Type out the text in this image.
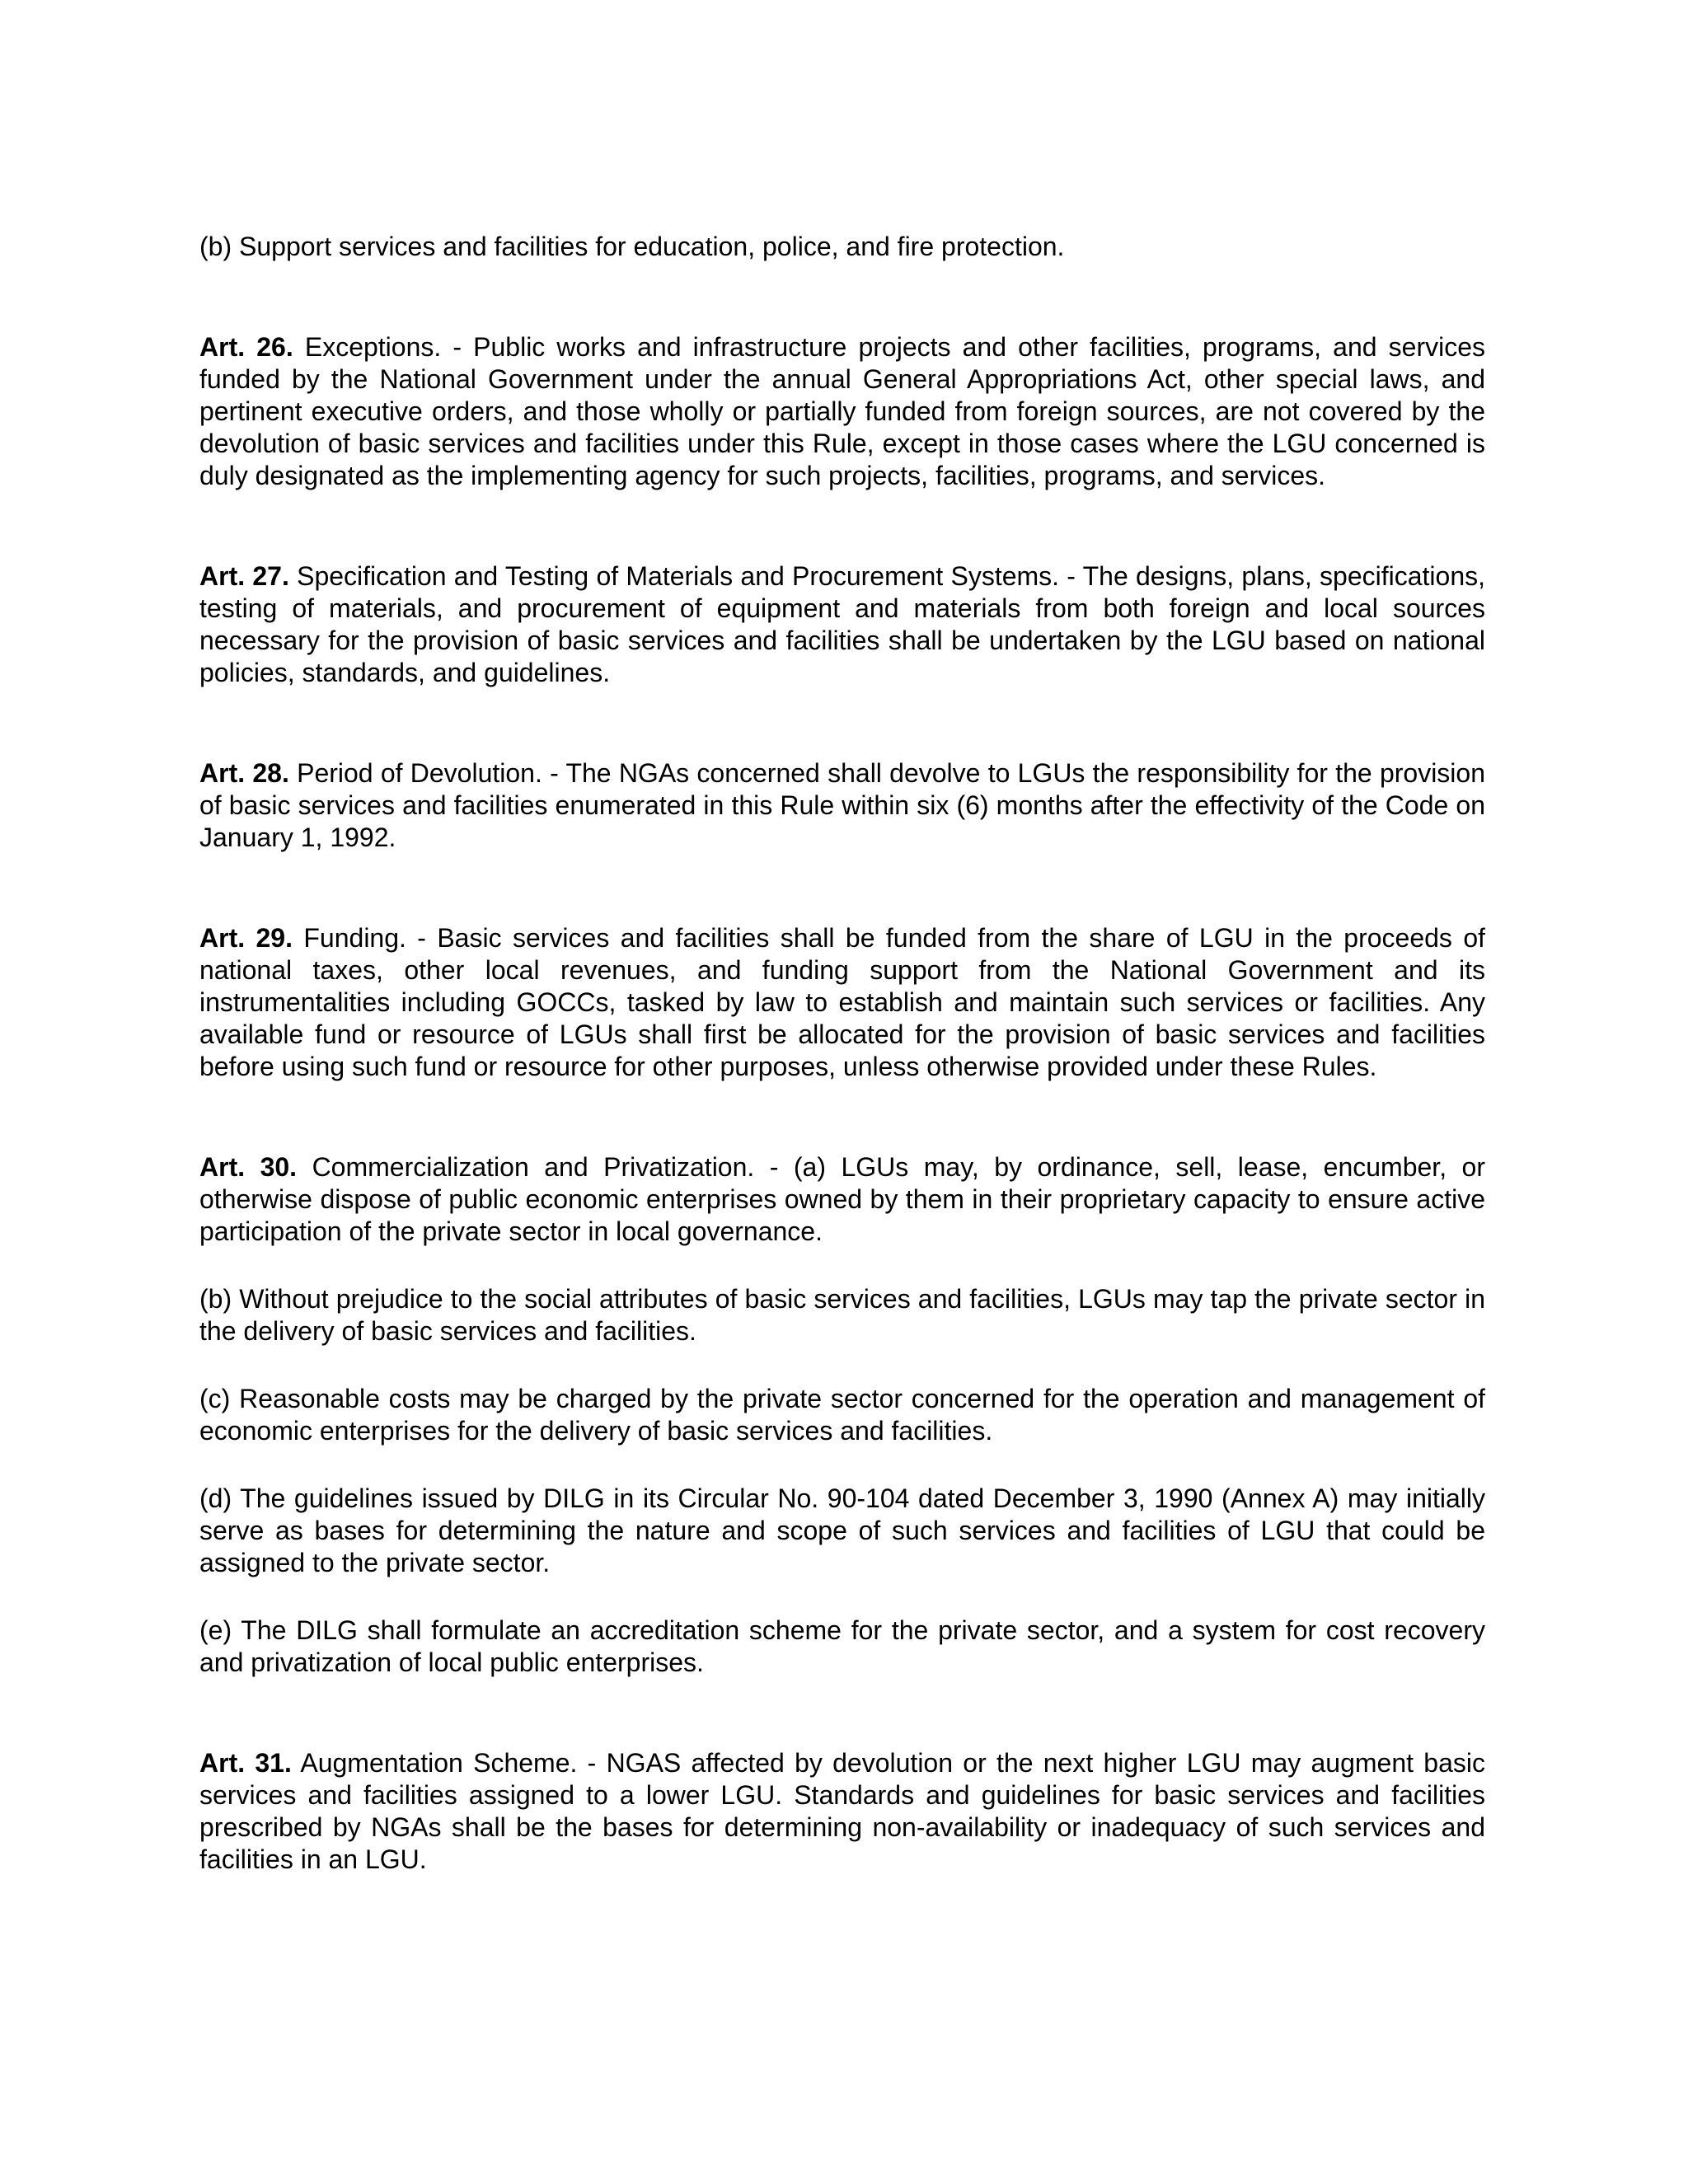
(b) Support services and facilities for education, police, and fire protection.

Art. 26. Exceptions. - Public works and infrastructure projects and other facilities, programs, and services funded by the National Government under the annual General Appropriations Act, other special laws, and pertinent executive orders, and those wholly or partially funded from foreign sources, are not covered by the devolution of basic services and facilities under this Rule, except in those cases where the LGU concerned is duly designated as the implementing agency for such projects, facilities, programs, and services.

Art. 27. Specification and Testing of Materials and Procurement Systems. - The designs, plans, specifications, testing of materials, and procurement of equipment and materials from both foreign and local sources necessary for the provision of basic services and facilities shall be undertaken by the LGU based on national policies, standards, and guidelines.

Art. 28. Period of Devolution. - The NGAs concerned shall devolve to LGUs the responsibility for the provision of basic services and facilities enumerated in this Rule within six (6) months after the effectivity of the Code on January 1, 1992.

Art. 29. Funding. - Basic services and facilities shall be funded from the share of LGU in the proceeds of national taxes, other local revenues, and funding support from the National Government and its instrumentalities including GOCCs, tasked by law to establish and maintain such services or facilities. Any available fund or resource of LGUs shall first be allocated for the provision of basic services and facilities before using such fund or resource for other purposes, unless otherwise provided under these Rules.

Art. 30. Commercialization and Privatization. - (a) LGUs may, by ordinance, sell, lease, encumber, or otherwise dispose of public economic enterprises owned by them in their proprietary capacity to ensure active participation of the private sector in local governance.

(b) Without prejudice to the social attributes of basic services and facilities, LGUs may tap the private sector in the delivery of basic services and facilities.

(c) Reasonable costs may be charged by the private sector concerned for the operation and management of economic enterprises for the delivery of basic services and facilities.

(d) The guidelines issued by DILG in its Circular No. 90-104 dated December 3, 1990 (Annex A) may initially serve as bases for determining the nature and scope of such services and facilities of LGU that could be assigned to the private sector.

(e) The DILG shall formulate an accreditation scheme for the private sector, and a system for cost recovery and privatization of local public enterprises.

Art. 31. Augmentation Scheme. - NGAS affected by devolution or the next higher LGU may augment basic services and facilities assigned to a lower LGU. Standards and guidelines for basic services and facilities prescribed by NGAs shall be the bases for determining non-availability or inadequacy of such services and facilities in an LGU.
